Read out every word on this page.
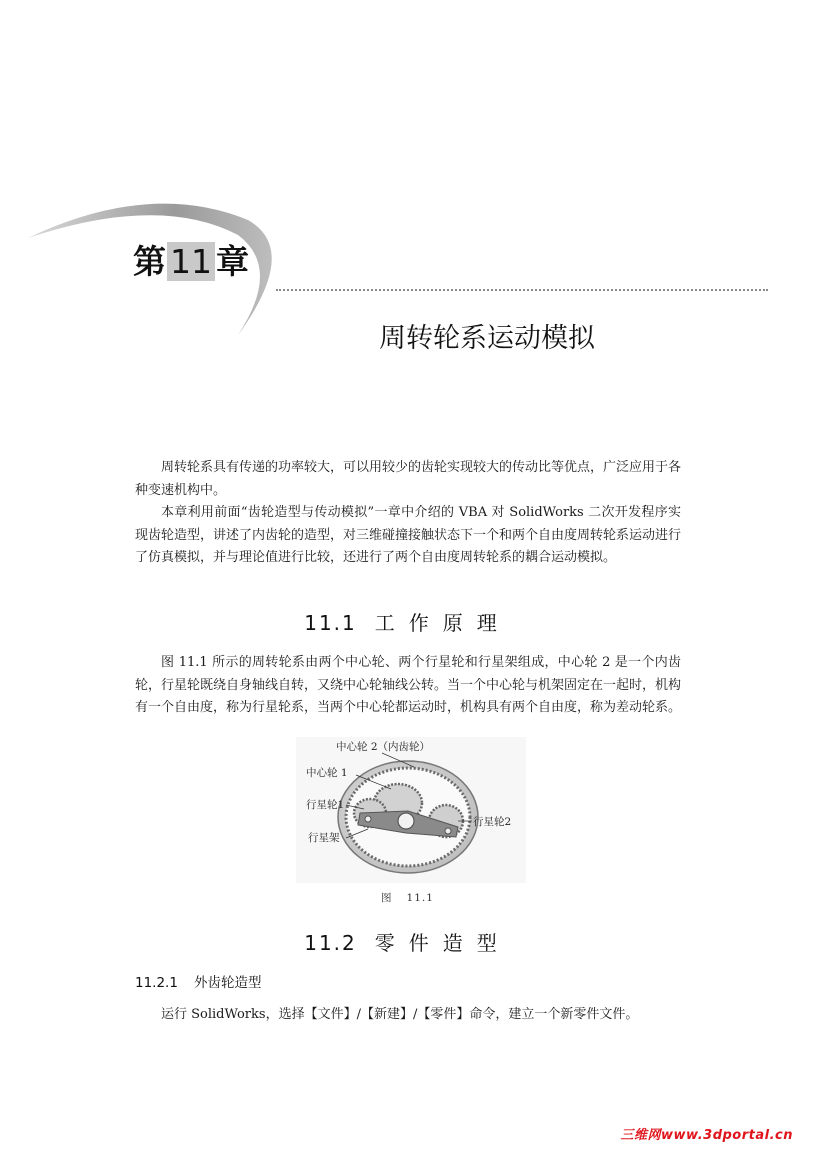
第 11 章
周转轮系运动模拟

周转轮系具有传递的功率较大，可以用较少的齿轮实现较大的传动比等优点，广泛应用于各种变速机构中。

本章利用前面“齿轮造型与传动模拟”一章中介绍的 VBA 对 SolidWorks 二次开发程序实现齿轮造型，讲述了内齿轮的造型，对三维碰撞接触状态下一个和两个自由度周转轮系运动进行了仿真模拟，并与理论值进行比较，还进行了两个自由度周转轮系的耦合运动模拟。

11.1 工作原理

图 11.1 所示的周转轮系由两个中心轮、两个行星轮和行星架组成，中心轮 2 是一个内齿轮，行星轮既绕自身轴线自转，又绕中心轮轴线公转。当一个中心轮与机架固定在一起时，机构有一个自由度，称为行星轮系，当两个中心轮都运动时，机构具有两个自由度，称为差动轮系。

中心轮 2（内齿轮）
中心轮 1
行星轮1
行星轮2
行星架
图 11.1
11.2 零件造型
11.2.1 外齿轮造型

运行 SolidWorks，选择【文件】/【新建】/【零件】命令，建立一个新零件文件。

三维网www.3dportal.cn
